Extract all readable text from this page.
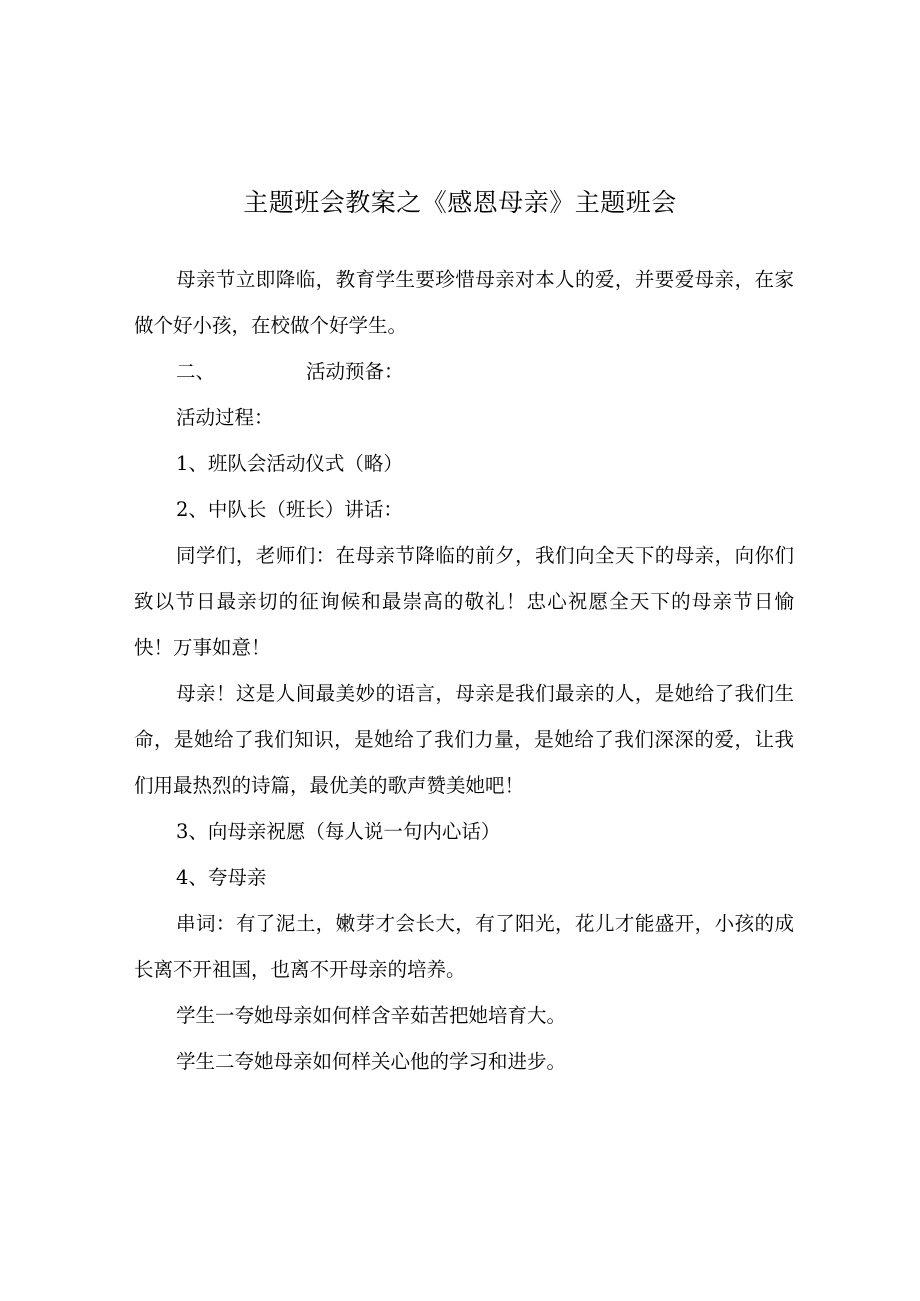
主题班会教案之《感恩母亲》主题班会

母亲节立即降临，教育学生要珍惜母亲对本人的爱，并要爱母亲，在家做个好小孩，在校做个好学生。

二、	活动预备：

活动过程：

1、班队会活动仪式（略）

2、中队长（班长）讲话：

同学们，老师们：在母亲节降临的前夕，我们向全天下的母亲，向你们致以节日最亲切的征询候和最崇高的敬礼！忠心祝愿全天下的母亲节日愉快！万事如意！

母亲！这是人间最美妙的语言，母亲是我们最亲的人，是她给了我们生命，是她给了我们知识，是她给了我们力量，是她给了我们深深的爱，让我们用最热烈的诗篇，最优美的歌声赞美她吧！

3、向母亲祝愿（每人说一句内心话）

4、夸母亲

串词：有了泥土，嫩芽才会长大，有了阳光，花儿才能盛开，小孩的成长离不开祖国，也离不开母亲的培养。

学生一夸她母亲如何样含辛茹苦把她培育大。

学生二夸她母亲如何样关心他的学习和进步。
